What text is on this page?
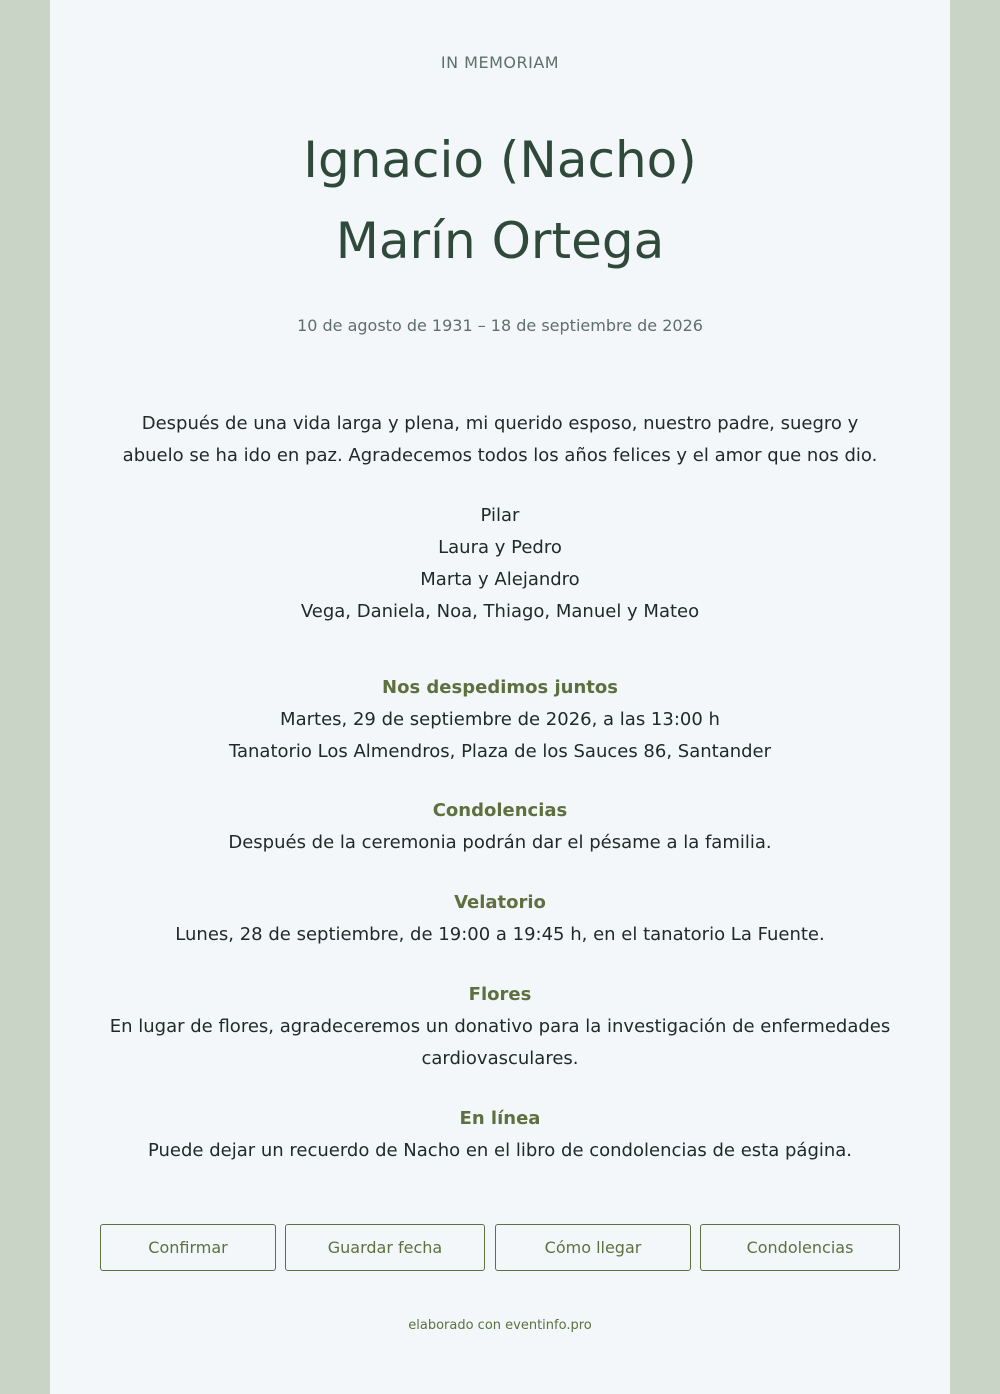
IN MEMORIAM
Ignacio (Nacho)
Marín Ortega
10 de agosto de 1931 – 18 de septiembre de 2026
Después de una vida larga y plena, mi querido esposo, nuestro padre, suegro y
abuelo se ha ido en paz. Agradecemos todos los años felices y el amor que nos dio.
Pilar
Laura y Pedro
Marta y Alejandro
Vega, Daniela, Noa, Thiago, Manuel y Mateo
Nos despedimos juntos
Martes, 29 de septiembre de 2026, a las 13:00 h
Tanatorio Los Almendros, Plaza de los Sauces 86, Santander
Condolencias
Después de la ceremonia podrán dar el pésame a la familia.
Velatorio
Lunes, 28 de septiembre, de 19:00 a 19:45 h, en el tanatorio La Fuente.
Flores
En lugar de flores, agradeceremos un donativo para la investigación de enfermedades
cardiovasculares.
En línea
Puede dejar un recuerdo de Nacho en el libro de condolencias de esta página.
Confirmar	Guardar fecha	Cómo llegar	Condolencias
elaborado con eventinfo.pro
